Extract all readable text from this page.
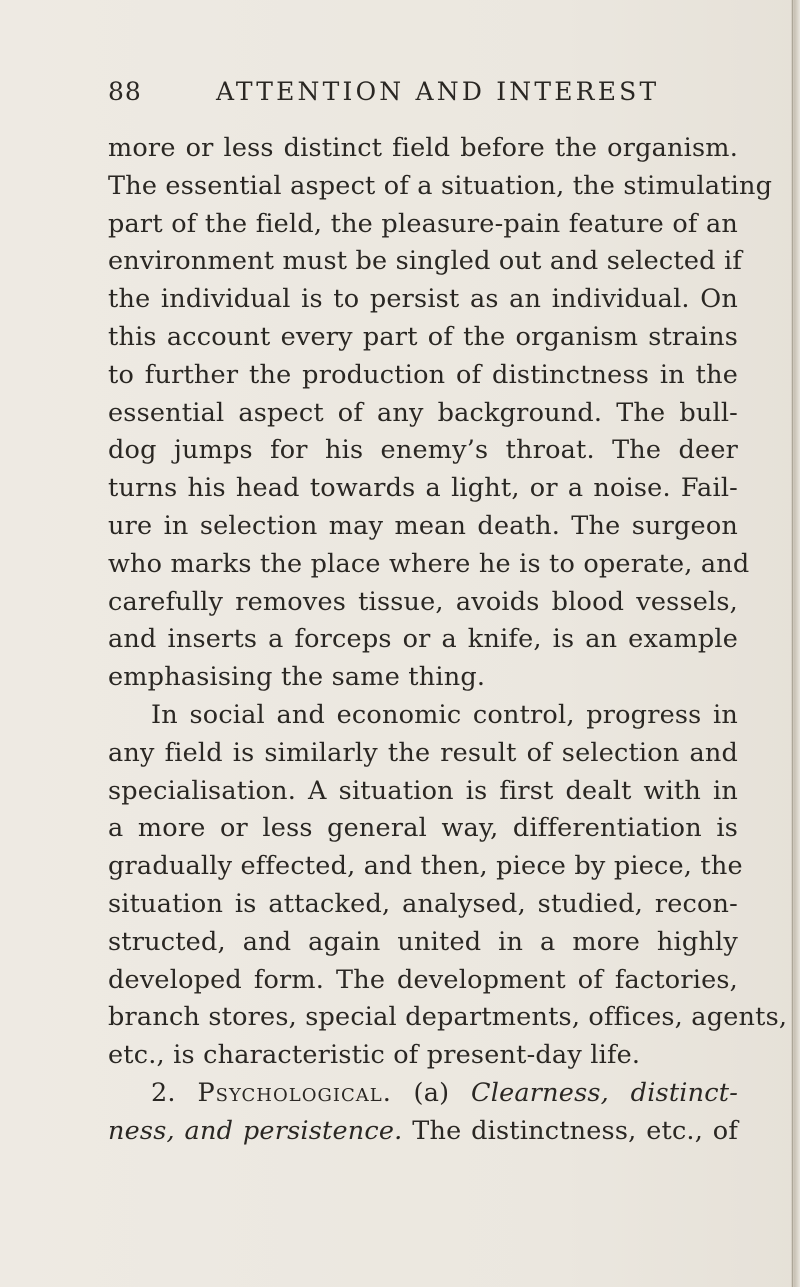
88	ATTENTION AND INTEREST
more or less distinct field before the organism.
The essential aspect of a situation, the stimulating
part of the field, the pleasure-pain feature of an
environment must be singled out and selected if
the individual is to persist as an individual. On
this account every part of the organism strains
to further the production of distinctness in the
essential aspect of any background. The bull-
dog jumps for his enemy’s throat. The deer
turns his head towards a light, or a noise. Fail-
ure in selection may mean death. The surgeon
who marks the place where he is to operate, and
carefully removes tissue, avoids blood vessels,
and inserts a forceps or a knife, is an example
emphasising the same thing.
In social and economic control, progress in
any field is similarly the result of selection and
specialisation. A situation is first dealt with in
a more or less general way, differentiation is
gradually effected, and then, piece by piece, the
situation is attacked, analysed, studied, recon-
structed, and again united in a more highly
developed form. The development of factories,
branch stores, special departments, offices, agents,
etc., is characteristic of present-day life.
2. Psychological. (a) Clearness, distinct-
ness, and persistence. The distinctness, etc., of
